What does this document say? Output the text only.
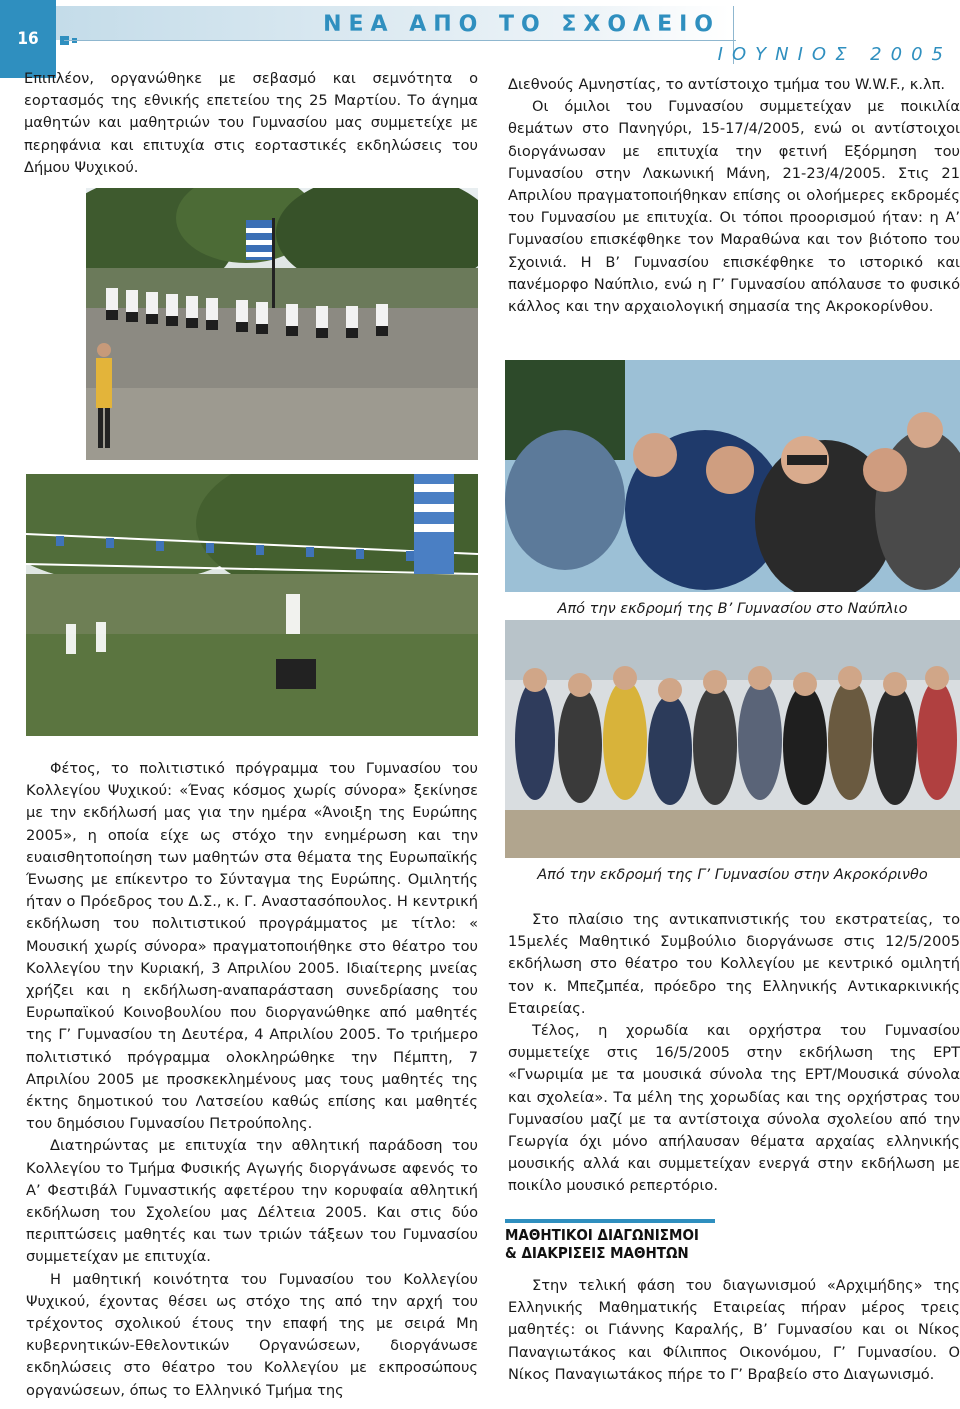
16
ΝΕΑ ΑΠΟ ΤΟ ΣΧΟΛΕΙΟ
ΙΟΥΝΙΟΣ 2005

Επιπλέον, οργανώθηκε με σεβασμό και σεμνότητα ο εορτασμός της εθνικής επετείου της 25 Μαρτίου. Το άγημα μαθητών και μαθητριών του Γυμνασίου μας συμμετείχε με περηφάνια και επιτυχία στις εορταστικές εκδηλώσεις του Δήμου Ψυχικού.

Διεθνούς Αμνηστίας, το αντίστοιχο τμήμα του W.W.F., κ.λπ.

Οι όμιλοι του Γυμνασίου συμμετείχαν με ποικιλία θεμάτων στο Πανηγύρι, 15-17/4/2005, ενώ οι αντίστοιχοι διοργάνωσαν με επιτυχία την φετινή Εξόρμηση του Γυμνασίου στην Λακωνική Μάνη, 21-23/4/2005. Στις 21 Απριλίου πραγματοποιήθηκαν επίσης οι ολοήμερες εκδρομές του Γυμνασίου με επιτυχία. Οι τόποι προορισμού ήταν: η Α’ Γυμνασίου επισκέφθηκε τον Μαραθώνα και τον βιότοπο του Σχοινιά. Η Β’ Γυμνασίου επισκέφθηκε το ιστορικό και πανέμορφο Ναύπλιο, ενώ η Γ’ Γυμνασίου απόλαυσε το φυσικό κάλλος και την αρχαιολογική σημασία της Ακροκορίνθου.

Από την εκδρομή της Β’ Γυμνασίου στο Ναύπλιο
Από την εκδρομή της Γ’ Γυμνασίου στην Ακροκόρινθο

Φέτος, το πολιτιστικό πρόγραμμα του Γυμνασίου του Κολλεγίου Ψυχικού: «Ένας κόσμος χωρίς σύνορα» ξεκίνησε με την εκδήλωσή μας για την ημέρα «Άνοιξη της Ευρώπης 2005», η οποία είχε ως στόχο την ενημέρωση και την ευαισθητοποίηση των μαθητών στα θέματα της Ευρωπαϊκής Ένωσης με επίκεντρο το Σύνταγμα της Ευρώπης. Ομιλητής ήταν ο Πρόεδρος του Δ.Σ., κ. Γ. Αναστασόπουλος. Η κεντρική εκδήλωση του πολιτιστικού προγράμματος με τίτλο: « Μουσική χωρίς σύνορα» πραγματοποιήθηκε στο θέατρο του Κολλεγίου την Κυριακή, 3 Απριλίου 2005. Ιδιαίτερης μνείας χρήζει και η εκδήλωση-αναπαράσταση συνεδρίασης του Ευρωπαϊκού Κοινοβουλίου που διοργανώθηκε από μαθητές της Γ’ Γυμνασίου τη Δευτέρα, 4 Απριλίου 2005. Το τριήμερο πολιτιστικό πρόγραμμα ολοκληρώθηκε την Πέμπτη, 7 Απριλίου 2005 με προσκεκλημένους μας τους μαθητές της έκτης δημοτικού του Λατσείου καθώς επίσης και μαθητές του δημόσιου Γυμνασίου Πετρούπολης.

Διατηρώντας με επιτυχία την αθλητική παράδοση του Κολλεγίου το Τμήμα Φυσικής Αγωγής διοργάνωσε αφενός το Α’ Φεστιβάλ Γυμναστικής αφετέρου την κορυφαία αθλητική εκδήλωση του Σχολείου μας Δέλτεια 2005. Και στις δύο περιπτώσεις μαθητές και των τριών τάξεων του Γυμνασίου συμμετείχαν με επιτυχία.

Η μαθητική κοινότητα του Γυμνασίου του Κολλεγίου Ψυχικού, έχοντας θέσει ως στόχο της από την αρχή του τρέχοντος σχολικού έτους την επαφή της με σειρά Μη κυβερνητικών-Εθελοντικών Οργανώσεων, διοργάνωσε εκδηλώσεις στο θέατρο του Κολλεγίου με εκπροσώπους οργανώσεων, όπως το Ελληνικό Τμήμα της

Στο πλαίσιο της αντικαπνιστικής του εκστρατείας, το 15μελές Μαθητικό Συμβούλιο διοργάνωσε στις 12/5/2005 εκδήλωση στο θέατρο του Κολλεγίου με κεντρικό ομιλητή τον κ. Μπεζμπέα, πρόεδρο της Ελληνικής Αντικαρκινικής Εταιρείας.

Τέλος, η χορωδία και ορχήστρα του Γυμνασίου συμμετείχε στις 16/5/2005 στην εκδήλωση της ΕΡΤ «Γνωριμία με τα μουσικά σύνολα της ΕΡΤ/Μουσικά σύνολα και σχολεία». Τα μέλη της χορωδίας και της ορχήστρας του Γυμνασίου μαζί με τα αντίστοιχα σύνολα σχολείου από την Γεωργία όχι μόνο απήλαυσαν θέματα αρχαίας ελληνικής μουσικής αλλά και συμμετείχαν ενεργά στην εκδήλωση με ποικίλο μουσικό ρεπερτόριο.

ΜΑΘΗΤΙΚΟΙ ΔΙΑΓΩΝΙΣΜΟΙ & ΔΙΑΚΡΙΣΕΙΣ ΜΑΘΗΤΩΝ

Στην τελική φάση του διαγωνισμού «Αρχιμήδης» της Ελληνικής Μαθηματικής Εταιρείας πήραν μέρος τρεις μαθητές: οι Γιάννης Καραλής, Β’ Γυμνασίου και οι Νίκος Παναγιωτάκος και Φίλιππος Οικονόμου, Γ’ Γυμνασίου. Ο Νίκος Παναγιωτάκος πήρε το Γ’ Βραβείο στο Διαγωνισμό.
